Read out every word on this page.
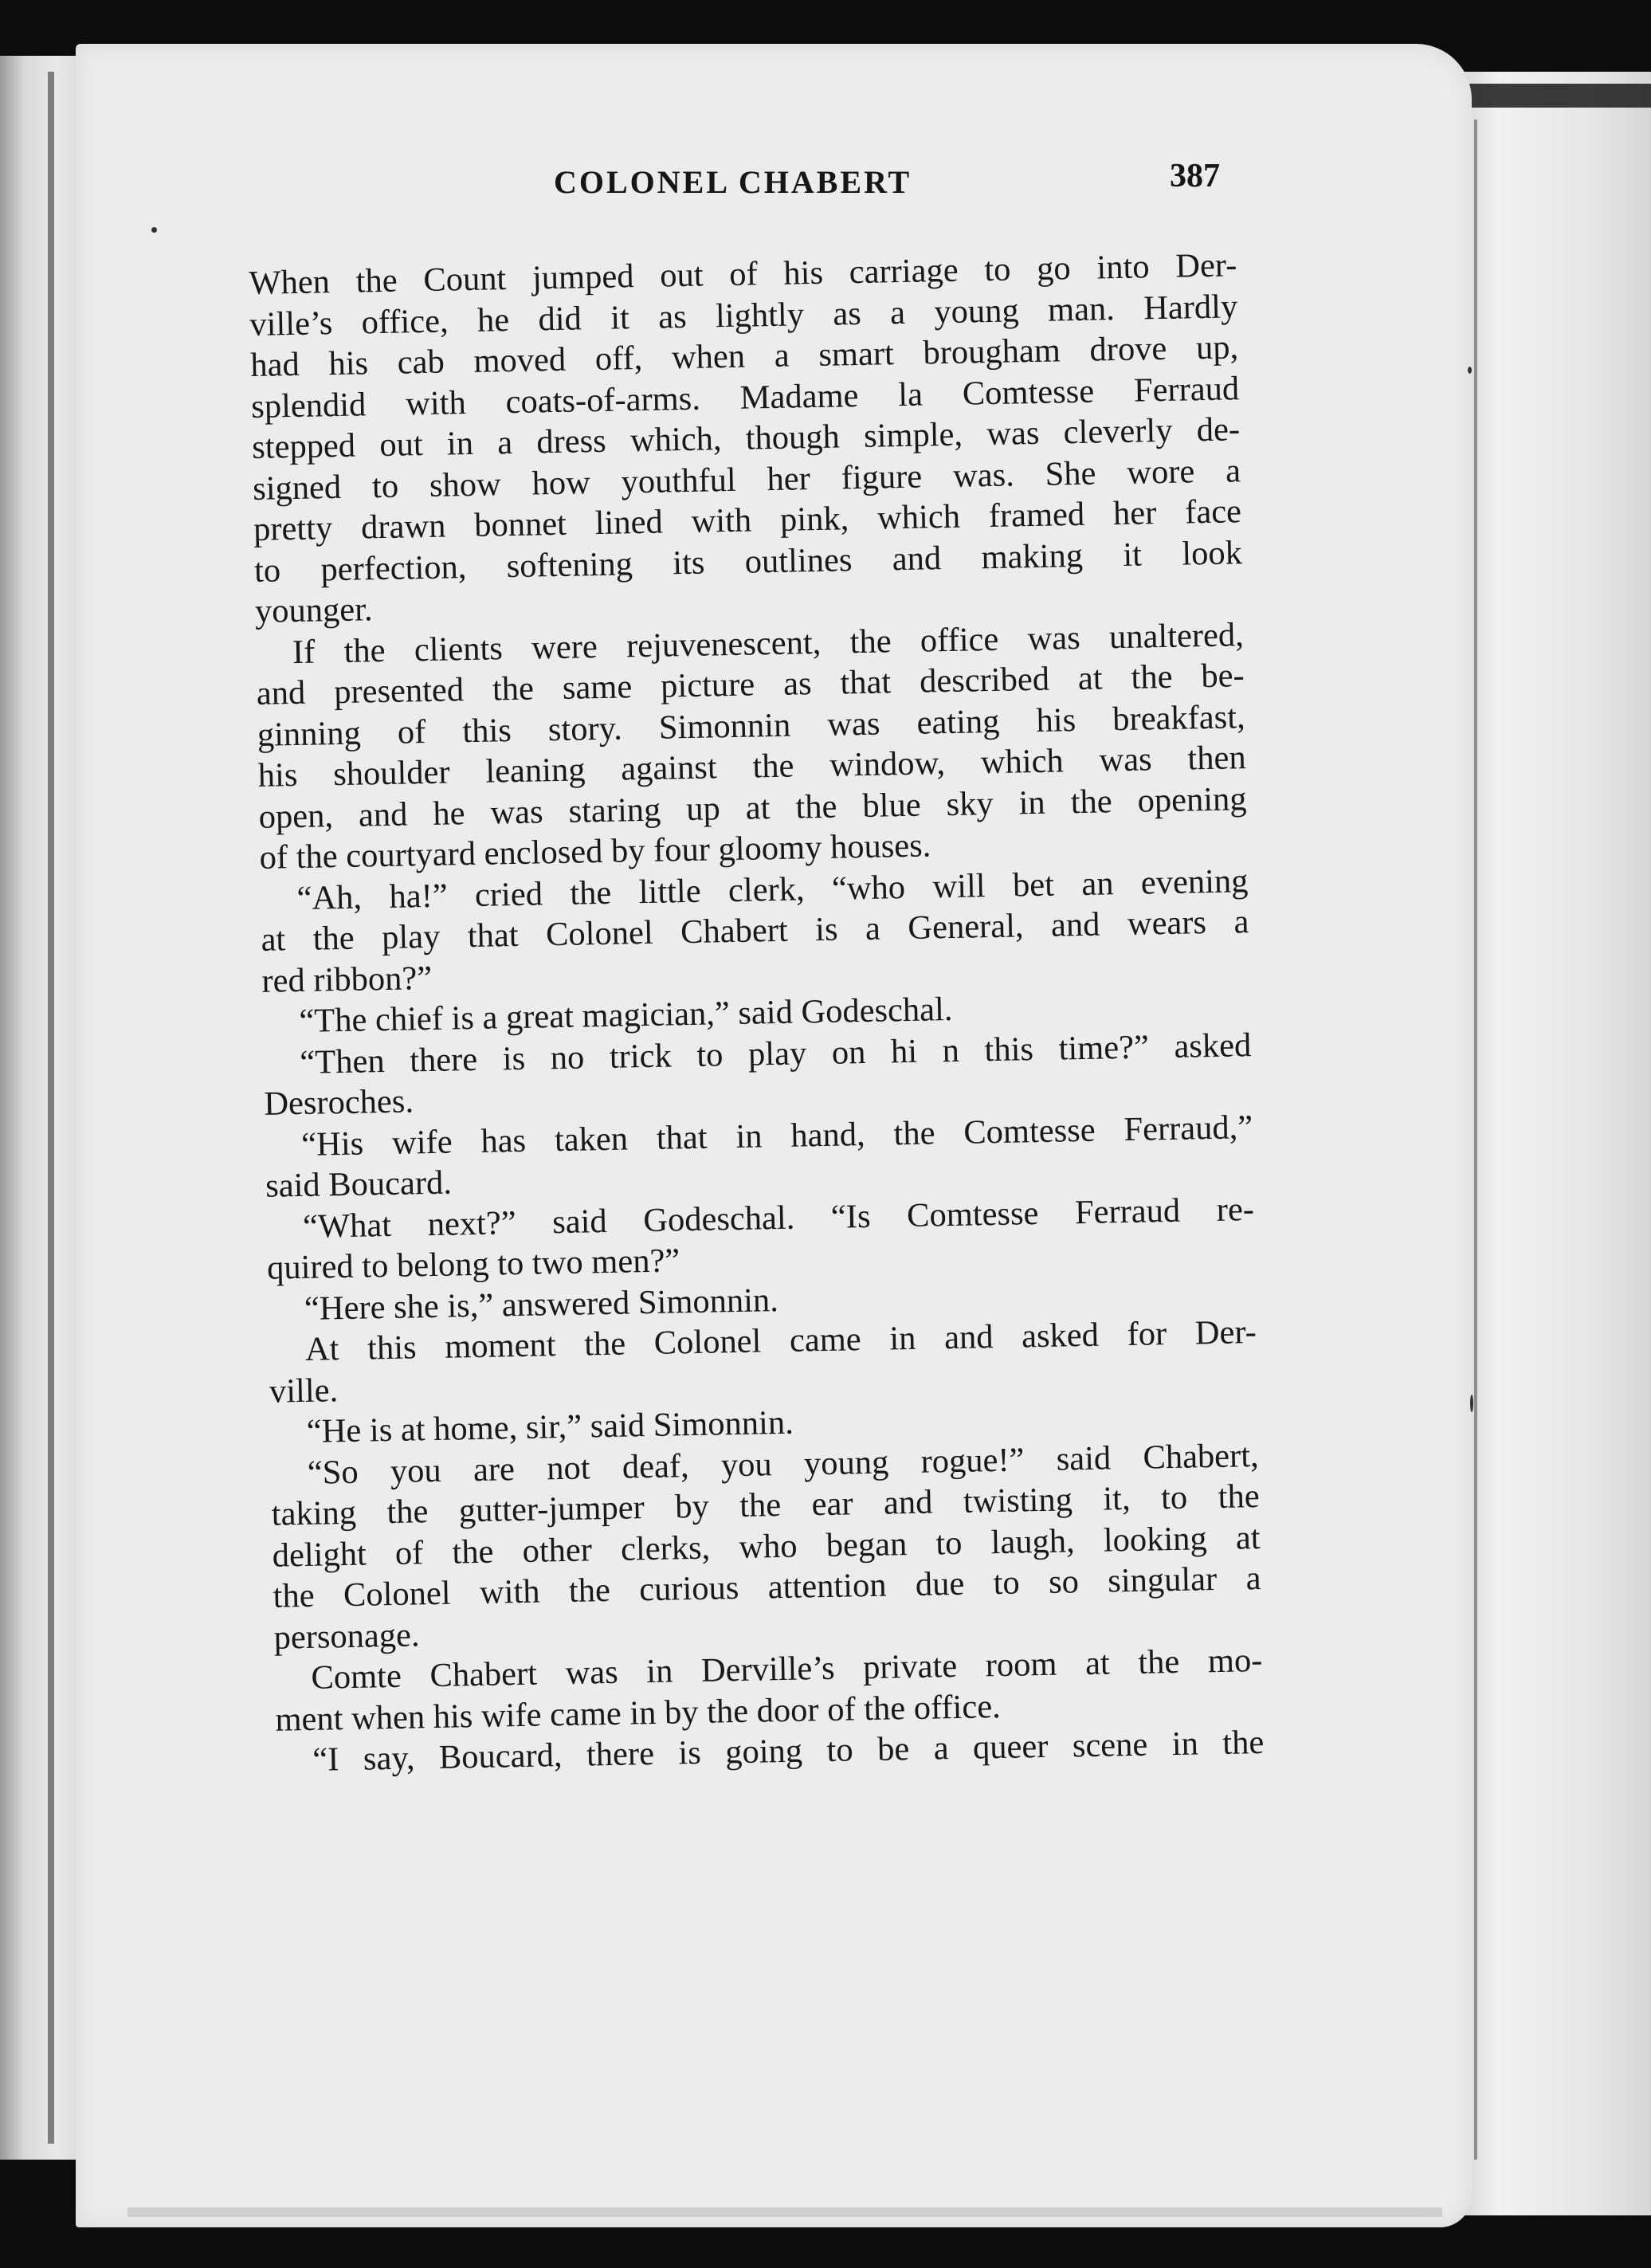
COLONEL CHABERT	387
When the Count jumped out of his carriage to go into Der-
ville’s office, he did it as lightly as a young man. Hardly
had his cab moved off, when a smart brougham drove up,
splendid with coats-of-arms. Madame la Comtesse Ferraud
stepped out in a dress which, though simple, was cleverly de-
signed to show how youthful her figure was. She wore a
pretty drawn bonnet lined with pink, which framed her face
to perfection, softening its outlines and making it look
younger.
If the clients were rejuvenescent, the office was unaltered,
and presented the same picture as that described at the be-
ginning of this story. Simonnin was eating his breakfast,
his shoulder leaning against the window, which was then
open, and he was staring up at the blue sky in the opening
of the courtyard enclosed by four gloomy houses.
“Ah, ha!” cried the little clerk, “who will bet an evening
at the play that Colonel Chabert is a General, and wears a
red ribbon?”
“The chief is a great magician,” said Godeschal.
“Then there is no trick to play on hi n this time?” asked
Desroches.
“His wife has taken that in hand, the Comtesse Ferraud,”
said Boucard.
“What next?” said Godeschal. “Is Comtesse Ferraud re-
quired to belong to two men?”
“Here she is,” answered Simonnin.
At this moment the Colonel came in and asked for Der-
ville.
“He is at home, sir,” said Simonnin.
“So you are not deaf, you young rogue!” said Chabert,
taking the gutter-jumper by the ear and twisting it, to the
delight of the other clerks, who began to laugh, looking at
the Colonel with the curious attention due to so singular a
personage.
Comte Chabert was in Derville’s private room at the mo-
ment when his wife came in by the door of the office.
“I say, Boucard, there is going to be a queer scene in the
